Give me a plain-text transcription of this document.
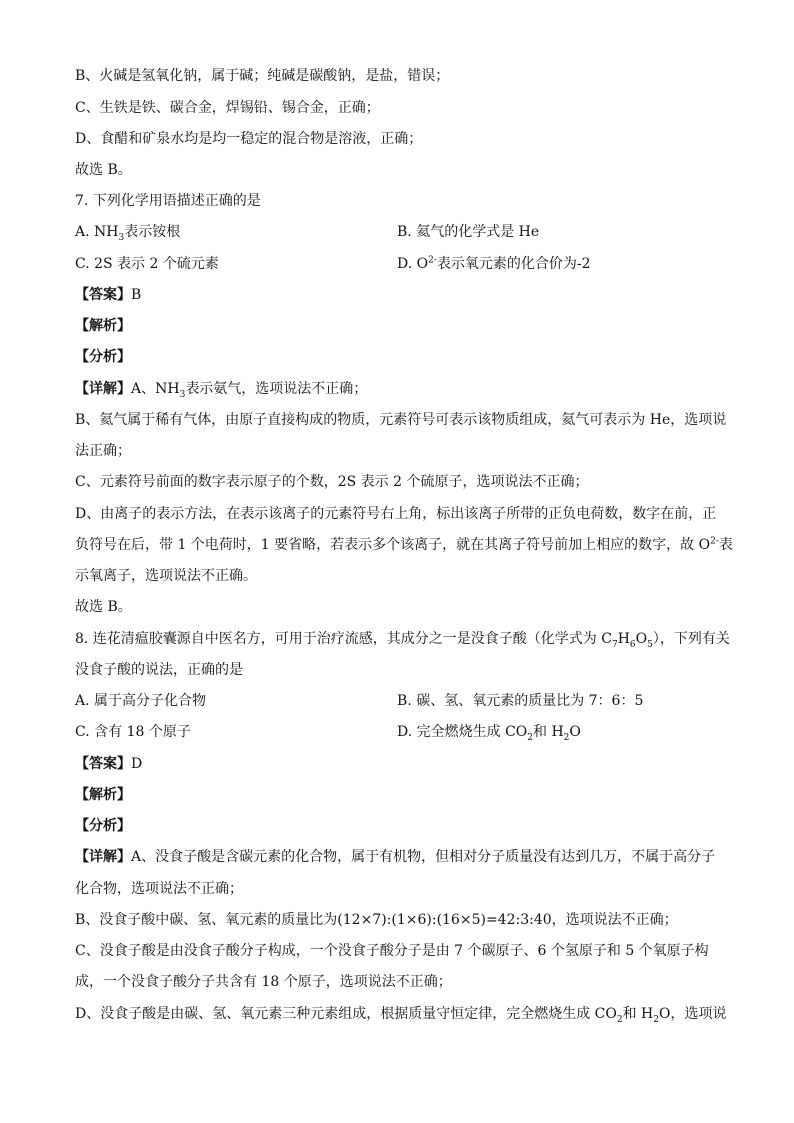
B、火碱是氢氧化钠，属于碱；纯碱是碳酸钠，是盐，错误；
C、生铁是铁、碳合金，焊锡铅、锡合金，正确；
D、食醋和矿泉水均是均一稳定的混合物是溶液，正确；
故选 B。
7. 下列化学用语描述正确的是
A. $NH_3$表示铵根	B. 氦气的化学式是 He
C. 2S 表示 2 个硫元素	D. $O^{2-}$表示氧元素的化合价为-2
【答案】B
【解析】
【分析】
【详解】A、$NH_3$表示氨气，选项说法不正确；
B、氦气属于稀有气体，由原子直接构成的物质，元素符号可表示该物质组成，氦气可表示为 He，选项说
法正确；
C、元素符号前面的数字表示原子的个数，2S 表示 2 个硫原子，选项说法不正确；
D、由离子的表示方法，在表示该离子的元素符号右上角，标出该离子所带的正负电荷数，数字在前，正
负符号在后，带 1 个电荷时，1 要省略，若表示多个该离子，就在其离子符号前加上相应的数字，故 $O^{2-}$表
示氧离子，选项说法不正确。
故选 B。
8. 连花清瘟胶囊源自中医名方，可用于治疗流感，其成分之一是没食子酸（化学式为 $C_7H_6O_5$），下列有关
没食子酸的说法，正确的是
A. 属于高分子化合物	B. 碳、氢、氧元素的质量比为 7：6：5
C. 含有 18 个原子	D. 完全燃烧生成 $CO_2$和 $H_2O$
【答案】D
【解析】
【分析】
【详解】A、没食子酸是含碳元素的化合物，属于有机物，但相对分子质量没有达到几万，不属于高分子
化合物，选项说法不正确；
B、没食子酸中碳、氢、氧元素的质量比为(12×7):(1×6):(16×5)=42:3:40，选项说法不正确；
C、没食子酸是由没食子酸分子构成，一个没食子酸分子是由 7 个碳原子、6 个氢原子和 5 个氧原子构
成，一个没食子酸分子共含有 18 个原子，选项说法不正确；
D、没食子酸是由碳、氢、氧元素三种元素组成，根据质量守恒定律，完全燃烧生成 $CO_2$和 $H_2O$，选项说
